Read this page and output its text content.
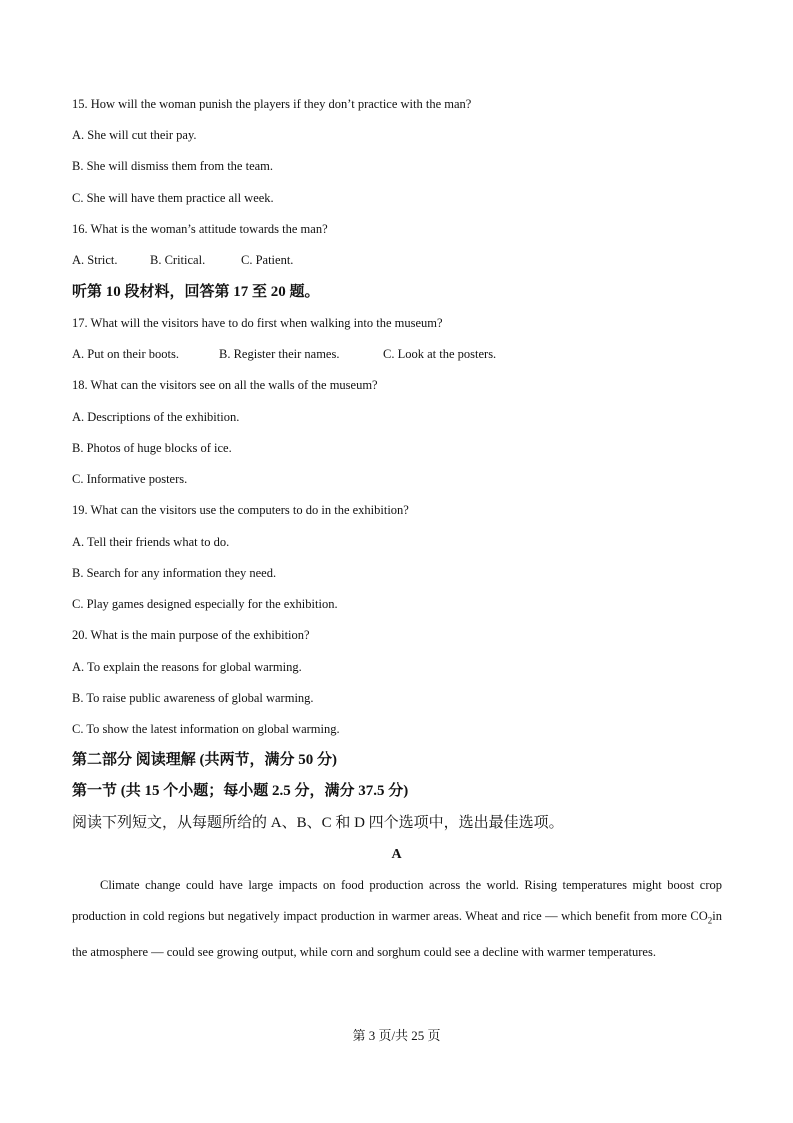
15. How will the woman punish the players if they don’t practice with the man?
A. She will cut their pay.
B. She will dismiss them from the team.
C. She will have them practice all week.
16. What is the woman’s attitude towards the man?
A. Strict.	B. Critical.	C. Patient.
听第 10 段材料，回答第 17 至 20 题。
17. What will the visitors have to do first when walking into the museum?
A. Put on their boots.	B. Register their names.	C. Look at the posters.
18. What can the visitors see on all the walls of the museum?
A. Descriptions of the exhibition.
B. Photos of huge blocks of ice.
C. Informative posters.
19. What can the visitors use the computers to do in the exhibition?
A. Tell their friends what to do.
B. Search for any information they need.
C. Play games designed especially for the exhibition.
20. What is the main purpose of the exhibition?
A. To explain the reasons for global warming.
B. To raise public awareness of global warming.
C. To show the latest information on global warming.
第二部分 阅读理解 (共两节，满分 50 分)
第一节 (共 15 个小题；每小题 2.5 分，满分 37.5 分)
阅读下列短文，从每题所给的 A、B、C 和 D 四个选项中，选出最佳选项。
A
Climate change could have large impacts on food production across the world. Rising temperatures might boost crop production in cold regions but negatively impact production in warmer areas. Wheat and rice — which benefit from more $CO_2in$ the atmosphere — could see growing output, while corn and sorghum could see a decline with warmer temperatures.
第 3 页/共 25 页
